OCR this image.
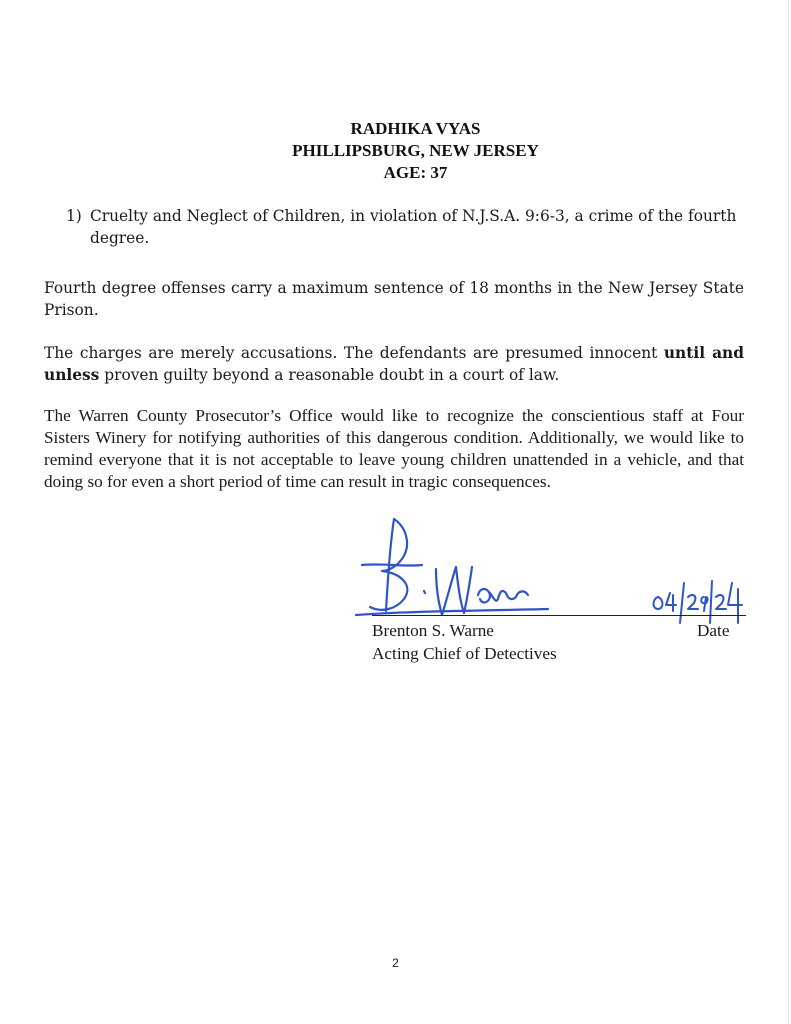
RADHIKA VYAS
PHILLIPSBURG, NEW JERSEY
AGE: 37
1) Cruelty and Neglect of Children, in violation of N.J.S.A. 9:6-3, a crime of the fourth degree.

Fourth degree offenses carry a maximum sentence of 18 months in the New Jersey State Prison.

The charges are merely accusations. The defendants are presumed innocent until and unless proven guilty beyond a reasonable doubt in a court of law.

The Warren County Prosecutor’s Office would like to recognize the conscientious staff at Four Sisters Winery for notifying authorities of this dangerous condition. Additionally, we would like to remind everyone that it is not acceptable to leave young children unattended in a vehicle, and that doing so for even a short period of time can result in tragic consequences.

Brenton S. Warne
Acting Chief of Detectives
Date
2
